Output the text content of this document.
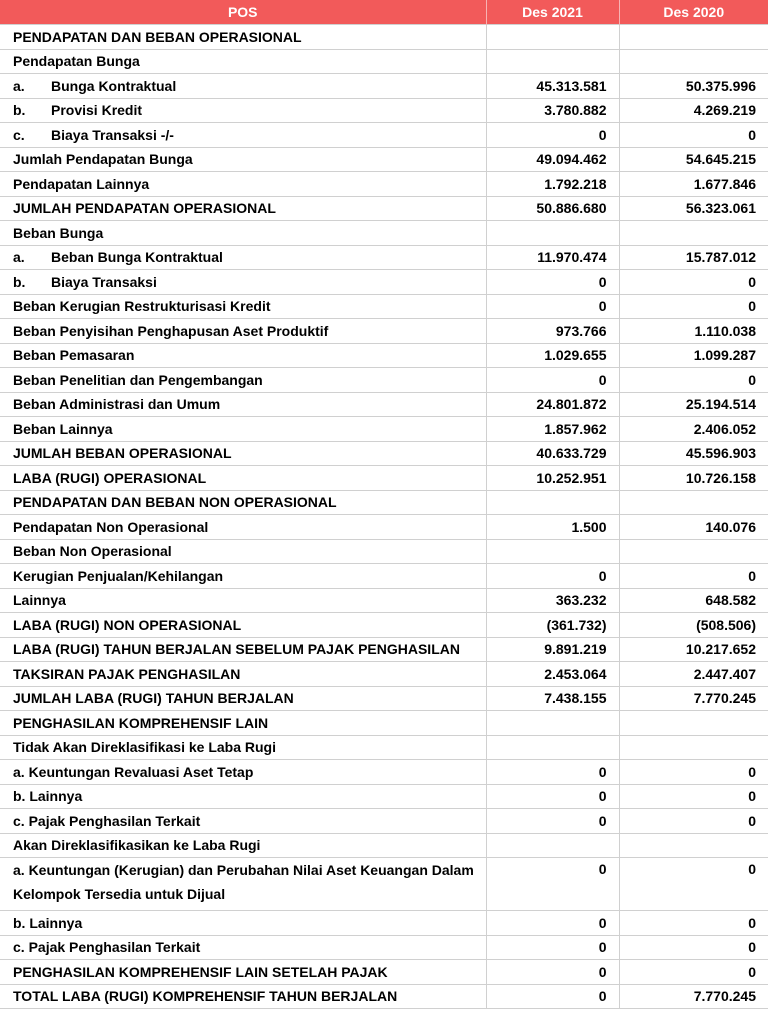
POS	Des 2021	Des 2020
PENDAPATAN DAN BEBAN OPERASIONAL		
Pendapatan Bunga		
a. Bunga Kontraktual	45.313.581	50.375.996
b. Provisi Kredit	3.780.882	4.269.219
c. Biaya Transaksi -/-	0	0
Jumlah Pendapatan Bunga	49.094.462	54.645.215
Pendapatan Lainnya	1.792.218	1.677.846
JUMLAH PENDAPATAN OPERASIONAL	50.886.680	56.323.061
Beban Bunga		
a. Beban Bunga Kontraktual	11.970.474	15.787.012
b. Biaya Transaksi	0	0
Beban Kerugian Restrukturisasi Kredit	0	0
Beban Penyisihan Penghapusan Aset Produktif	973.766	1.110.038
Beban Pemasaran	1.029.655	1.099.287
Beban Penelitian dan Pengembangan	0	0
Beban Administrasi dan Umum	24.801.872	25.194.514
Beban Lainnya	1.857.962	2.406.052
JUMLAH BEBAN OPERASIONAL	40.633.729	45.596.903
LABA (RUGI) OPERASIONAL	10.252.951	10.726.158
PENDAPATAN DAN BEBAN NON OPERASIONAL		
Pendapatan Non Operasional	1.500	140.076
Beban Non Operasional		
Kerugian Penjualan/Kehilangan	0	0
Lainnya	363.232	648.582
LABA (RUGI) NON OPERASIONAL	(361.732)	(508.506)
LABA (RUGI) TAHUN BERJALAN SEBELUM PAJAK PENGHASILAN	9.891.219	10.217.652
TAKSIRAN PAJAK PENGHASILAN	2.453.064	2.447.407
JUMLAH LABA (RUGI) TAHUN BERJALAN	7.438.155	7.770.245
PENGHASILAN KOMPREHENSIF LAIN		
Tidak Akan Direklasifikasi ke Laba Rugi		
a. Keuntungan Revaluasi Aset Tetap	0	0
b. Lainnya	0	0
c. Pajak Penghasilan Terkait	0	0
Akan Direklasifikasikan ke Laba Rugi		
a. Keuntungan (Kerugian) dan Perubahan Nilai Aset Keuangan Dalam Kelompok Tersedia untuk Dijual	0	0
b. Lainnya	0	0
c. Pajak Penghasilan Terkait	0	0
PENGHASILAN KOMPREHENSIF LAIN SETELAH PAJAK	0	0
TOTAL LABA (RUGI) KOMPREHENSIF TAHUN BERJALAN	0	7.770.245
